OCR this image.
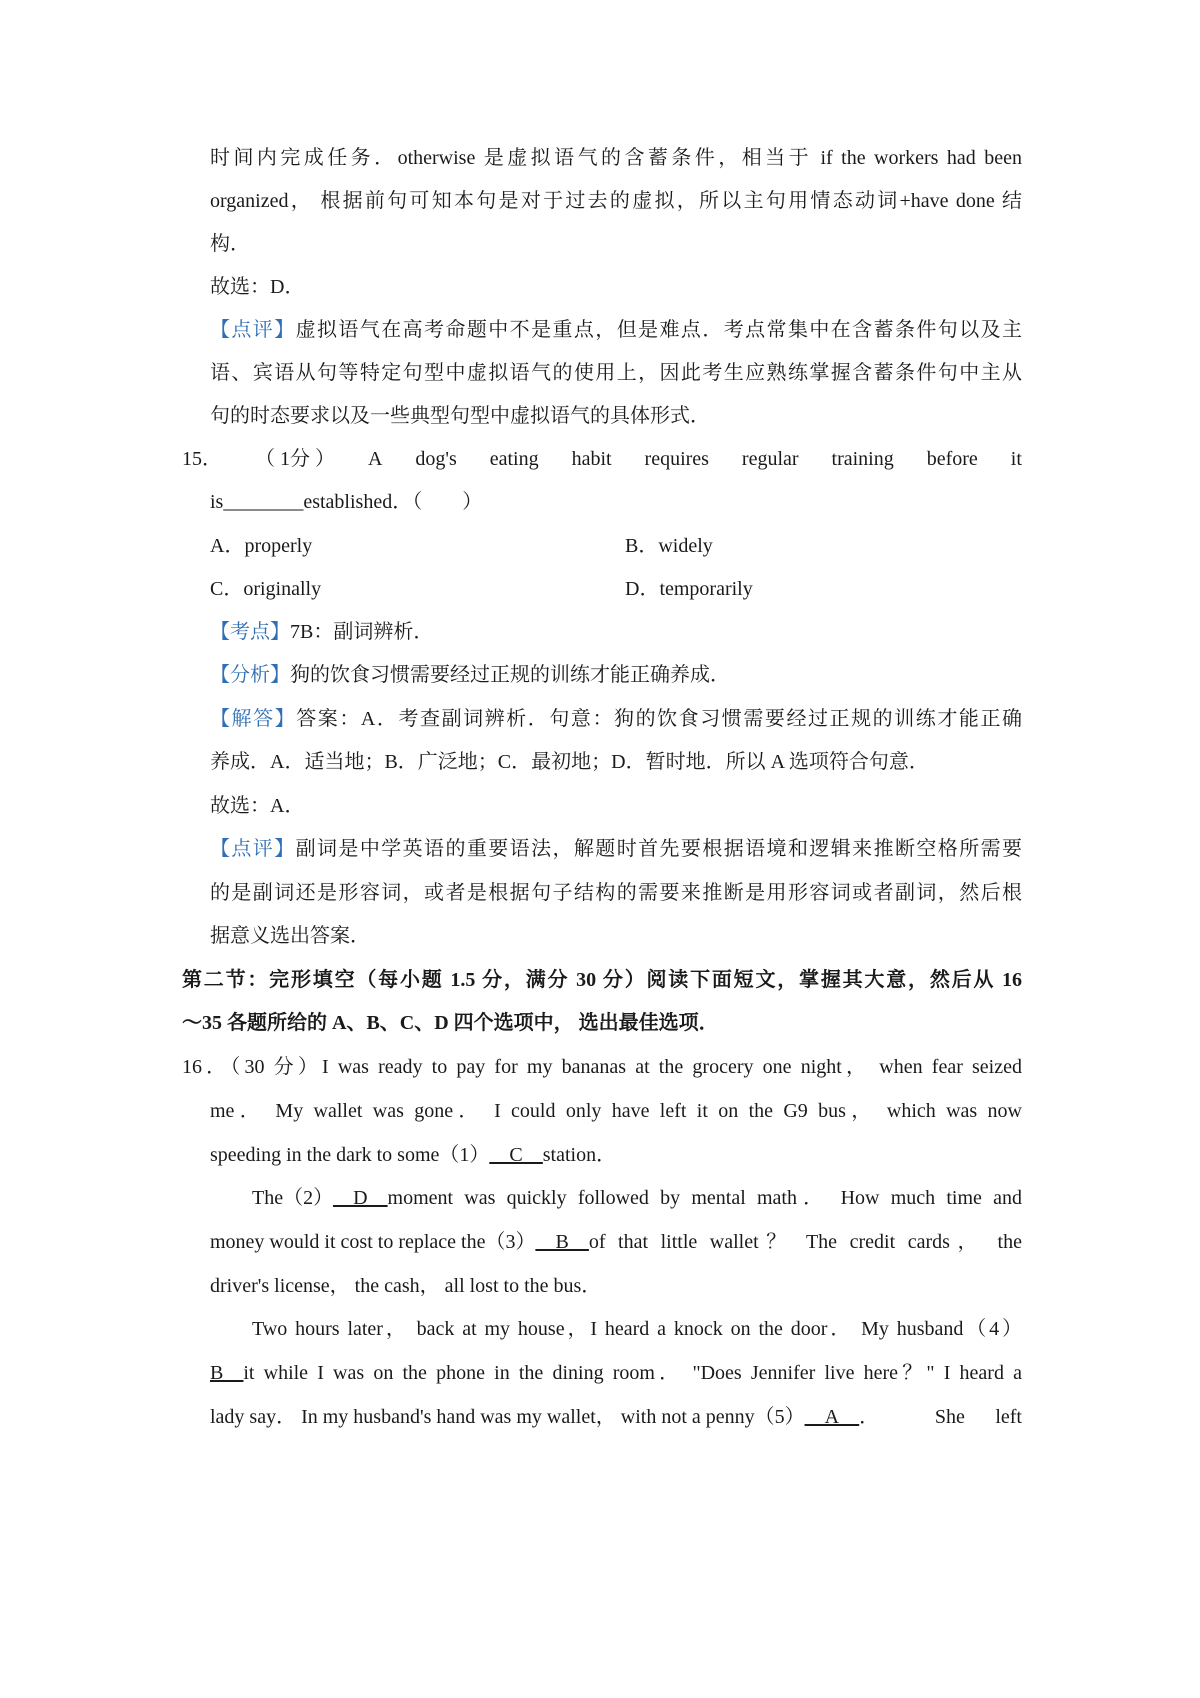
时间内完成任务．otherwise 是虚拟语气的含蓄条件，相当于 if the workers had been
organized， 根据前句可知本句是对于过去的虚拟，所以主句用情态动词+have done 结
构．
故选：D．
【点评】虚拟语气在高考命题中不是重点，但是难点．考点常集中在含蓄条件句以及主
语、宾语从句等特定句型中虚拟语气的使用上，因此考生应熟练掌握含蓄条件句中主从
句的时态要求以及一些典型句型中虚拟语气的具体形式．
15． （ 1分 ） A dog's eating habit requires regular training before it
is________established．（　　）
A．properly	B．widely
C．originally	D．temporarily
【考点】7B：副词辨析．
【分析】狗的饮食习惯需要经过正规的训练才能正确养成．
【解答】答案：A．考查副词辨析．句意：狗的饮食习惯需要经过正规的训练才能正确
养成．A．适当地；B．广泛地；C．最初地；D．暂时地．所以 A 选项符合句意．
故选：A．
【点评】副词是中学英语的重要语法，解题时首先要根据语境和逻辑来推断空格所需要
的是副词还是形容词，或者是根据句子结构的需要来推断是用形容词或者副词，然后根
据意义选出答案．
第二节：完形填空（每小题 1.5 分，满分 30 分）阅读下面短文，掌握其大意，然后从 16
～35 各题所给的 A、B、C、D 四个选项中， 选出最佳选项．
16．（30 分）I was ready to pay for my bananas at the grocery one night， when fear seized
me． My wallet was gone． I could only have left it on the G9 bus， which was now
speeding in the dark to some（1）__C__station．
The（2） __D__ moment was quickly followed by mental math． How much time and
money would it cost to replace the（3） __B__ of that little wallet？ The credit cards， the
driver's license， the cash， all lost to the bus．
Two hours later， back at my house，I heard a knock on the door． My husband（4）
B__ it while I was on the phone in the dining room． "Does Jennifer live here？" I heard a
lady say． In my husband's hand was my wallet， with not a penny（5） __A__ ． She left
